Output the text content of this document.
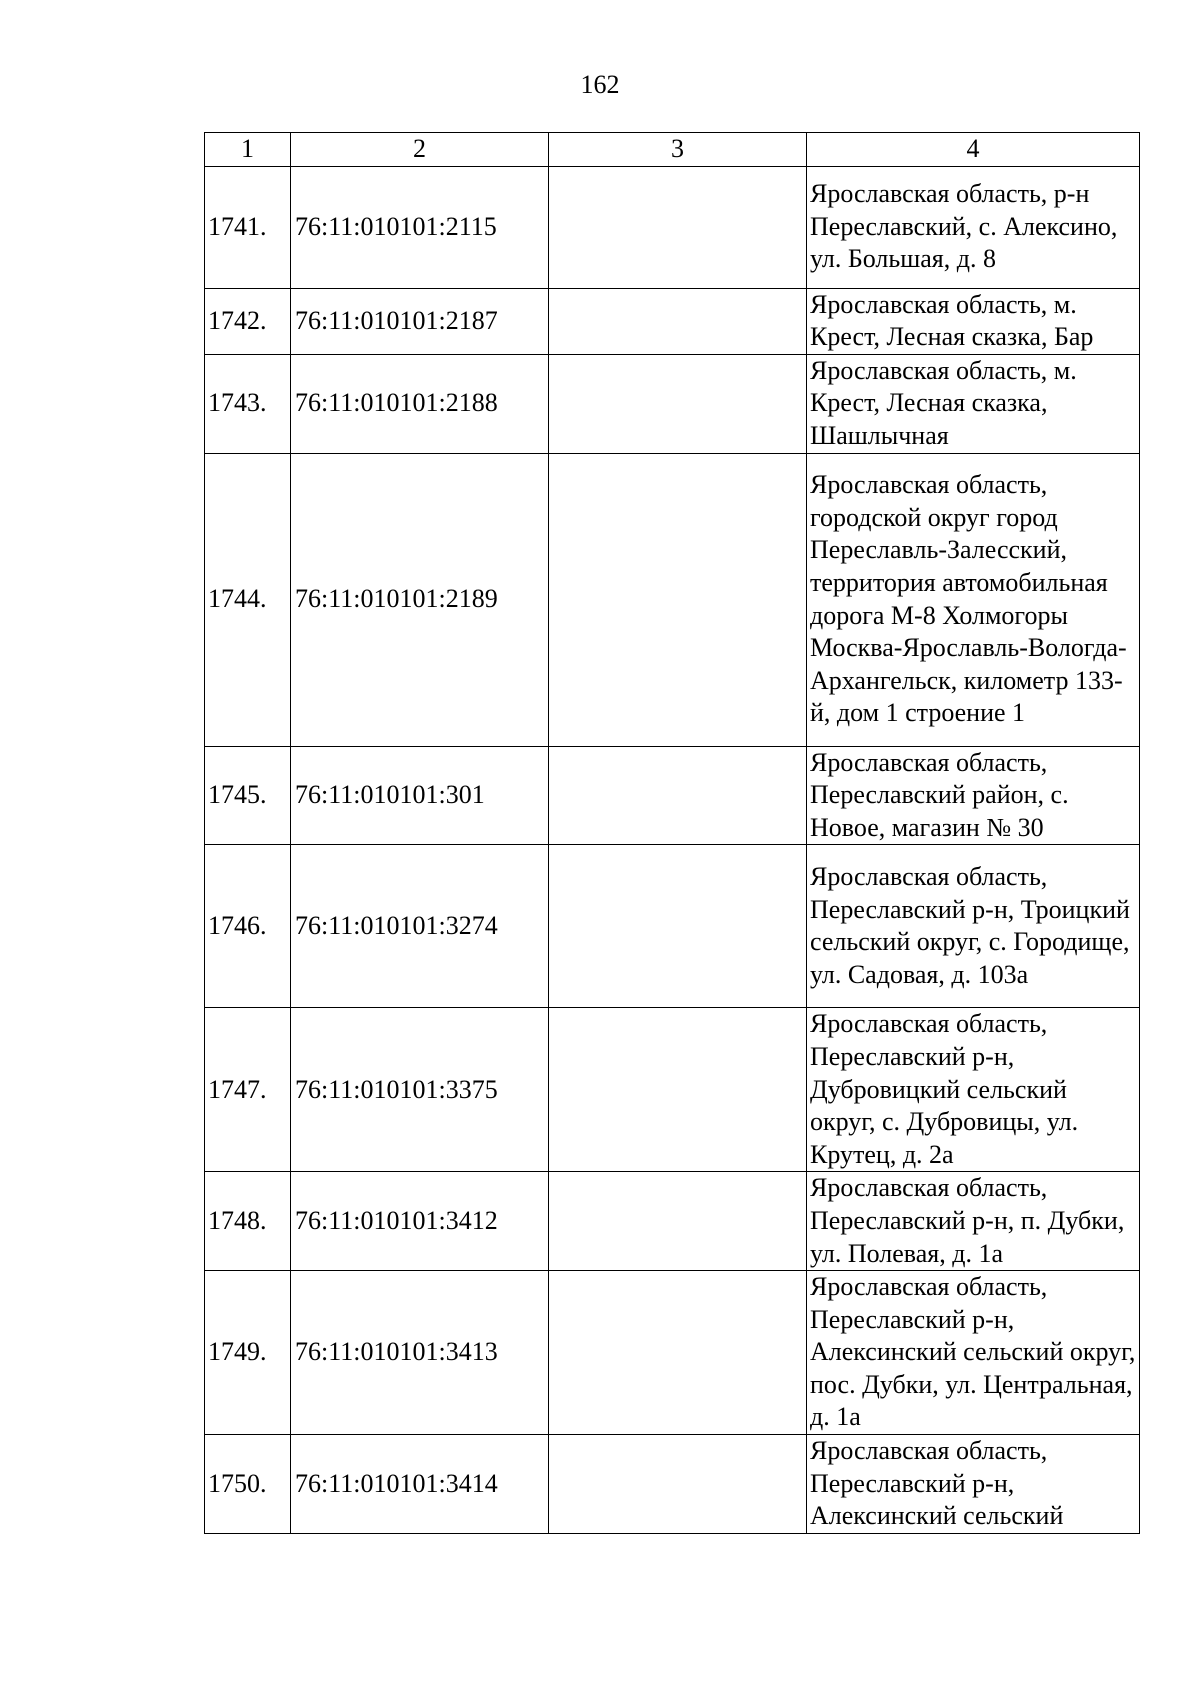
162
1	2	3	4
1741.	76:11:010101:2115		Ярославская область, р-н Переславский, с. Алексино, ул. Большая, д. 8
1742.	76:11:010101:2187		Ярославская область, м. Крест, Лесная сказка, Бар
1743.	76:11:010101:2188		Ярославская область, м. Крест, Лесная сказка, Шашлычная
1744.	76:11:010101:2189		Ярославская область, городской округ город Переславль-Залесский, территория автомобильная дорога М-8 Холмогоры Москва-Ярославль-Вологда-Архангельск, километр 133-й, дом 1 строение 1
1745.	76:11:010101:301		Ярославская область, Переславский район, с. Новое, магазин № 30
1746.	76:11:010101:3274		Ярославская область, Переславский р-н, Троицкий сельский округ, с. Городище, ул. Садовая, д. 103а
1747.	76:11:010101:3375		Ярославская область, Переславский р-н, Дубровицкий сельский округ, с. Дубровицы, ул. Крутец, д. 2а
1748.	76:11:010101:3412		Ярославская область, Переславский р-н, п. Дубки, ул. Полевая, д. 1а
1749.	76:11:010101:3413		Ярославская область, Переславский р-н, Алексинский сельский округ, пос. Дубки, ул. Центральная, д. 1а
1750.	76:11:010101:3414		Ярославская область, Переславский р-н, Алексинский сельский
